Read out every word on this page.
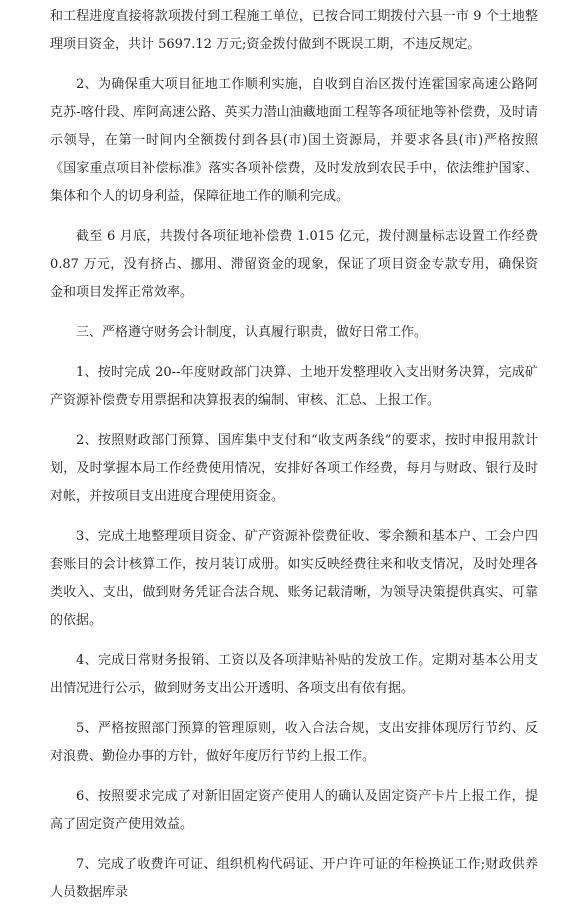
和工程进度直接将款项拨付到工程施工单位，已按合同工期拨付六县一市 9 个土地整理项目资金，共计 5697.12 万元;资金拨付做到不既误工期，不违反规定。

2、为确保重大项目征地工作顺利实施，自收到自治区拨付连霍国家高速公路阿克苏-喀什段、库阿高速公路、英买力潜山油藏地面工程等各项征地等补偿费，及时请示领导，在第一时间内全额拨付到各县(市)国土资源局，并要求各县(市)严格按照《国家重点项目补偿标准》落实各项补偿费，及时发放到农民手中，依法维护国家、集体和个人的切身利益，保障征地工作的顺利完成。

截至 6 月底，共拨付各项征地补偿费 1.015 亿元，拨付测量标志设置工作经费 0.87 万元，没有挤占、挪用、滞留资金的现象，保证了项目资金专款专用，确保资金和项目发挥正常效率。

三、严格遵守财务会计制度，认真履行职责，做好日常工作。

1、按时完成 20--年度财政部门决算、土地开发整理收入支出财务决算，完成矿产资源补偿费专用票据和决算报表的编制、审核、汇总、上报工作。

2、按照财政部门预算、国库集中支付和“收支两条线”的要求，按时申报用款计划，及时掌握本局工作经费使用情况，安排好各项工作经费，每月与财政、银行及时对帐，并按项目支出进度合理使用资金。

3、完成土地整理项目资金、矿产资源补偿费征收、零余额和基本户、工会户四套账目的会计核算工作，按月装订成册。如实反映经费往来和收支情况，及时处理各类收入、支出，做到财务凭证合法合规、账务记载清晰，为领导决策提供真实、可靠的依据。

4、完成日常财务报销、工资以及各项津贴补贴的发放工作。定期对基本公用支出情况进行公示，做到财务支出公开透明、各项支出有依有据。

5、严格按照部门预算的管理原则，收入合法合规，支出安排体现厉行节约、反对浪费、勤俭办事的方针，做好年度厉行节约上报工作。

6、按照要求完成了对新旧固定资产使用人的确认及固定资产卡片上报工作，提高了固定资产使用效益。

7、完成了收费许可证、组织机构代码证、开户许可证的年检换证工作;财政供养人员数据库录
